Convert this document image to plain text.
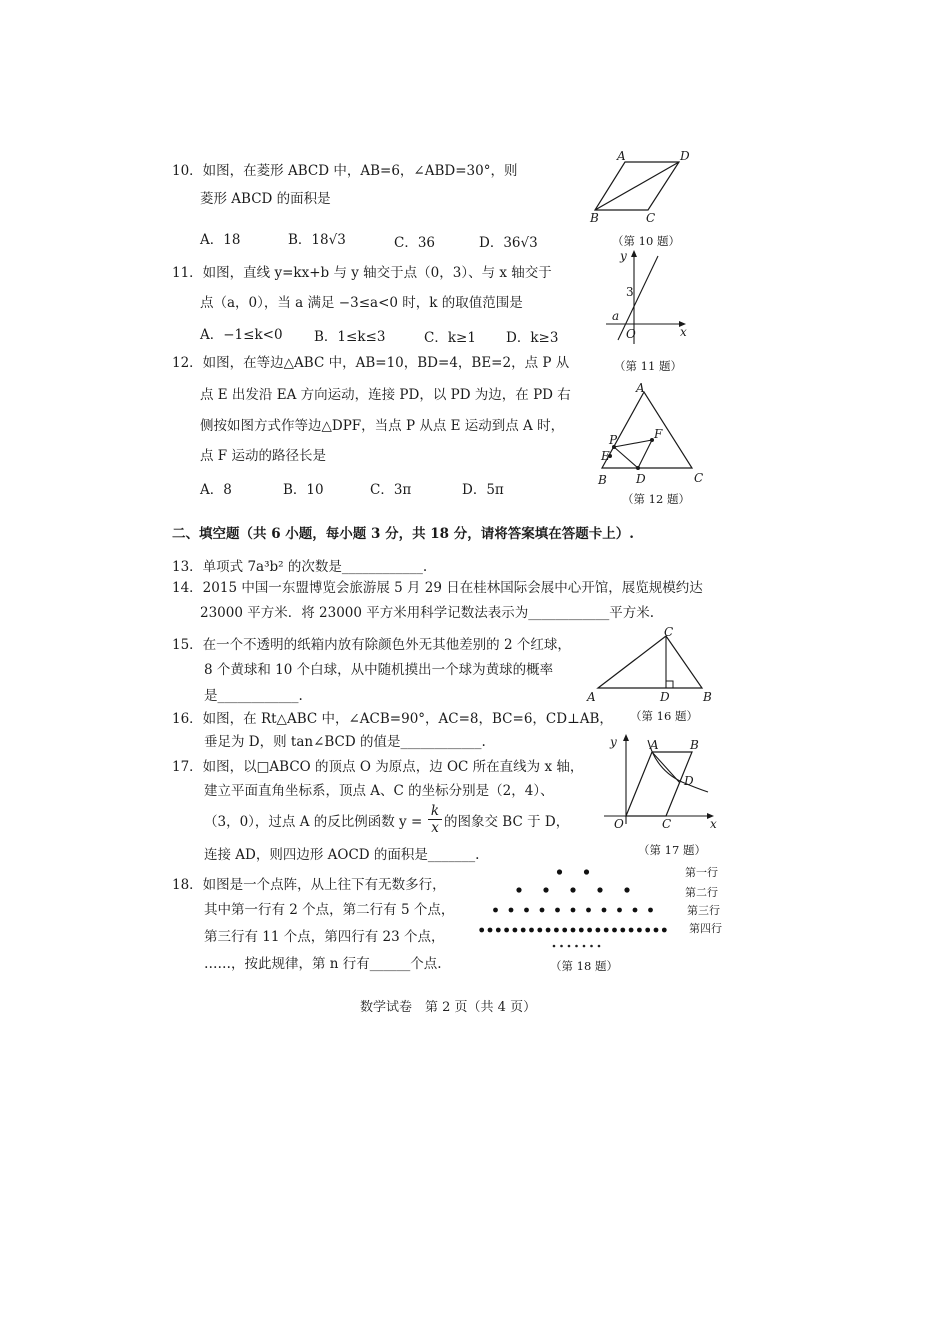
10．如图，在菱形 ABCD 中，AB=6，∠ABD=30°，则
菱形 ABCD 的面积是
A．18	B．18√3	C．36	D．36√3
A	D
B	C
（第 10 题）
11．如图，直线 y=kx+b 与 y 轴交于点（0，3）、与 x 轴交于
点（a，0），当 a 满足 −3≤a<0 时，k 的取值范围是
A．−1≤k<0 B．1≤k≤3	C．k≥1 D．k≥3
y
x
O
3
a
（第 11 题）
12．如图，在等边△ABC 中，AB=10，BD=4，BE=2，点 P 从
点 E 出发沿 EA 方向运动，连接 PD，以 PD 为边，在 PD 右
侧按如图方式作等边△DPF，当点 P 从点 E 运动到点 A 时，
点 F 运动的路径长是
A．8	B．10	C．3π	D．5π
A
B	C
D
E
P	F
（第 12 题）
二、填空题（共 6 小题，每小题 3 分，共 18 分，请将答案填在答题卡上）.
13．单项式 7a³b² 的次数是____________.
14．2015 中国一东盟博览会旅游展 5 月 29 日在桂林国际会展中心开馆，展览规模约达
23000 平方米．将 23000 平方米用科学记数法表示为____________平方米.
15．在一个不透明的纸箱内放有除颜色外无其他差别的 2 个红球，
8 个黄球和 10 个白球，从中随机摸出一个球为黄球的概率
是____________.	A	B
C
D
（第 16 题）
16．如图，在 Rt△ABC 中，∠ACB=90°，AC=8，BC=6，CD⊥AB，
垂足为 D，则 tan∠BCD 的值是____________.
17．如图，以□ABCO 的顶点 O 为原点，边 OC 所在直线为 x 轴，
建立平面直角坐标系，顶点 A、C 的坐标分别是（2，4）、
（3，0），过点 A 的反比例函数 $y = \frac{k}{x}$ 的图象交 BC 于 D，
连接 AD，则四边形 AOCD 的面积是_______.
y
x
O
A	B
C
D
（第 17 题）
18．如图是一个点阵，从上往下有无数多行，
其中第一行有 2 个点，第二行有 5 个点，
第三行有 11 个点，第四行有 23 个点，
……，按此规律，第 n 行有______个点.
第一行
第二行
第三行
第四行
（第 18 题）
数学试卷　第 2 页（共 4 页）
